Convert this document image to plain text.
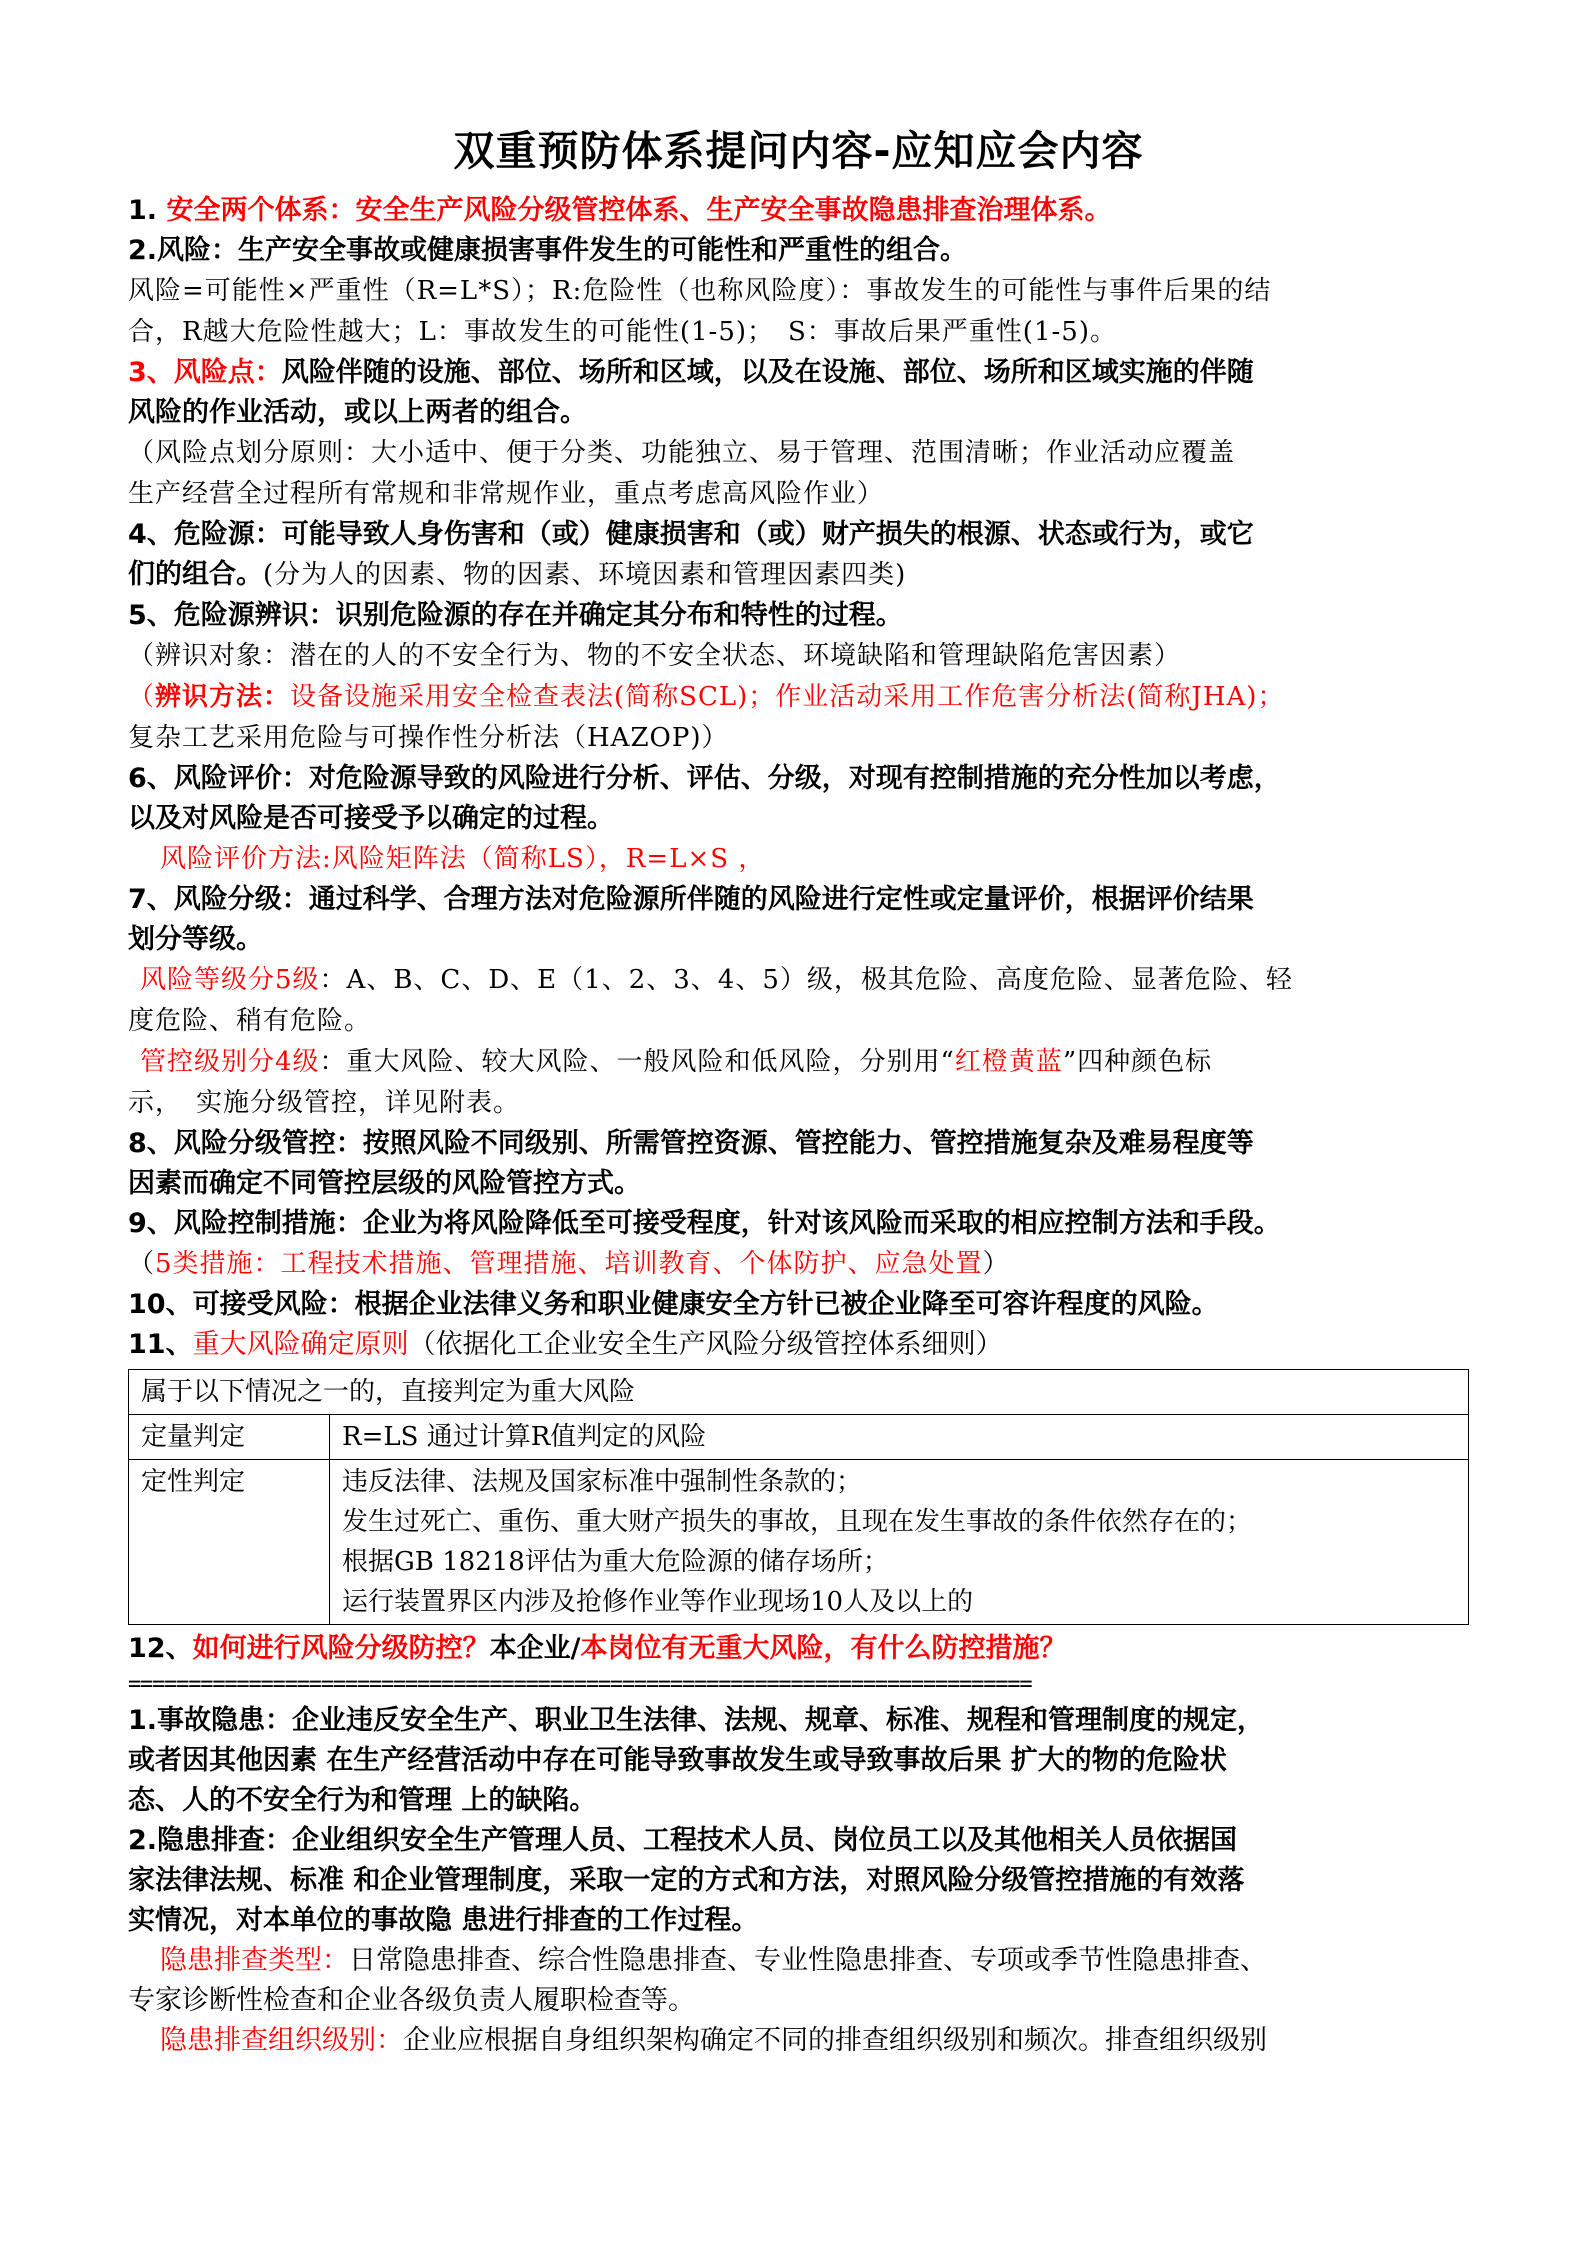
双重预防体系提问内容-应知应会内容

1. 安全两个体系：安全生产风险分级管控体系、生产安全事故隐患排查治理体系。

2.风险：生产安全事故或健康损害事件发生的可能性和严重性的组合。

风险=可能性×严重性（R=L*S）；R:危险性（也称风险度）：事故发生的可能性与事件后果的结

合，R越大危险性越大；L：事故发生的可能性(1-5)；　S：事故后果严重性(1-5)。

3、风险点：风险伴随的设施、部位、场所和区域，以及在设施、部位、场所和区域实施的伴随

风险的作业活动，或以上两者的组合。

（风险点划分原则：大小适中、便于分类、功能独立、易于管理、范围清晰；作业活动应覆盖

生产经营全过程所有常规和非常规作业，重点考虑高风险作业）

4、危险源：可能导致人身伤害和（或）健康损害和（或）财产损失的根源、状态或行为，或它

们的组合。(分为人的因素、物的因素、环境因素和管理因素四类)

5、危险源辨识：识别危险源的存在并确定其分布和特性的过程。

（辨识对象：潜在的人的不安全行为、物的不安全状态、环境缺陷和管理缺陷危害因素）

（辨识方法：设备设施采用安全检查表法(简称SCL)；作业活动采用工作危害分析法(简称JHA)；

复杂工艺采用危险与可操作性分析法（HAZOP)）

6、风险评价：对危险源导致的风险进行分析、评估、分级，对现有控制措施的充分性加以考虑，

以及对风险是否可接受予以确定的过程。

风险评价方法:风险矩阵法（简称LS），R=L×S ，

7、风险分级：通过科学、合理方法对危险源所伴随的风险进行定性或定量评价，根据评价结果

划分等级。

风险等级分5级：A、B、C、D、E（1、2、3、4、5）级，极其危险、高度危险、显著危险、轻

度危险、稍有危险。

管控级别分4级：重大风险、较大风险、一般风险和低风险，分别用“红橙黄蓝”四种颜色标

示，　实施分级管控，详见附表。

8、风险分级管控：按照风险不同级别、所需管控资源、管控能力、管控措施复杂及难易程度等

因素而确定不同管控层级的风险管控方式。

9、风险控制措施：企业为将风险降低至可接受程度，针对该风险而采取的相应控制方法和手段。

（5类措施：工程技术措施、管理措施、培训教育、个体防护、应急处置）

10、可接受风险：根据企业法律义务和职业健康安全方针已被企业降至可容许程度的风险。

11、重大风险确定原则（依据化工企业安全生产风险分级管控体系细则）

属于以下情况之一的，直接判定为重大风险	
定量判定	R=LS 通过计算R值判定的风险
定性判定	违反法律、法规及国家标准中强制性条款的；
发生过死亡、重伤、重大财产损失的事故，且现在发生事故的条件依然存在的；
根据GB 18218评估为重大危险源的储存场所；
运行装置界区内涉及抢修作业等作业现场10人及以上的

12、如何进行风险分级防控？本企业/本岗位有无重大风险，有什么防控措施？

===========================================================================

1.事故隐患：企业违反安全生产、职业卫生法律、法规、规章、标准、规程和管理制度的规定，

或者因其他因素 在生产经营活动中存在可能导致事故发生或导致事故后果 扩大的物的危险状

态、人的不安全行为和管理 上的缺陷。

2.隐患排查：企业组织安全生产管理人员、工程技术人员、岗位员工以及其他相关人员依据国

家法律法规、标准 和企业管理制度，采取一定的方式和方法，对照风险分级管控措施的有效落

实情况，对本单位的事故隐 患进行排查的工作过程。

隐患排查类型：日常隐患排查、综合性隐患排查、专业性隐患排查、专项或季节性隐患排查、

专家诊断性检查和企业各级负责人履职检查等。

隐患排查组织级别：企业应根据自身组织架构确定不同的排查组织级别和频次。排查组织级别
